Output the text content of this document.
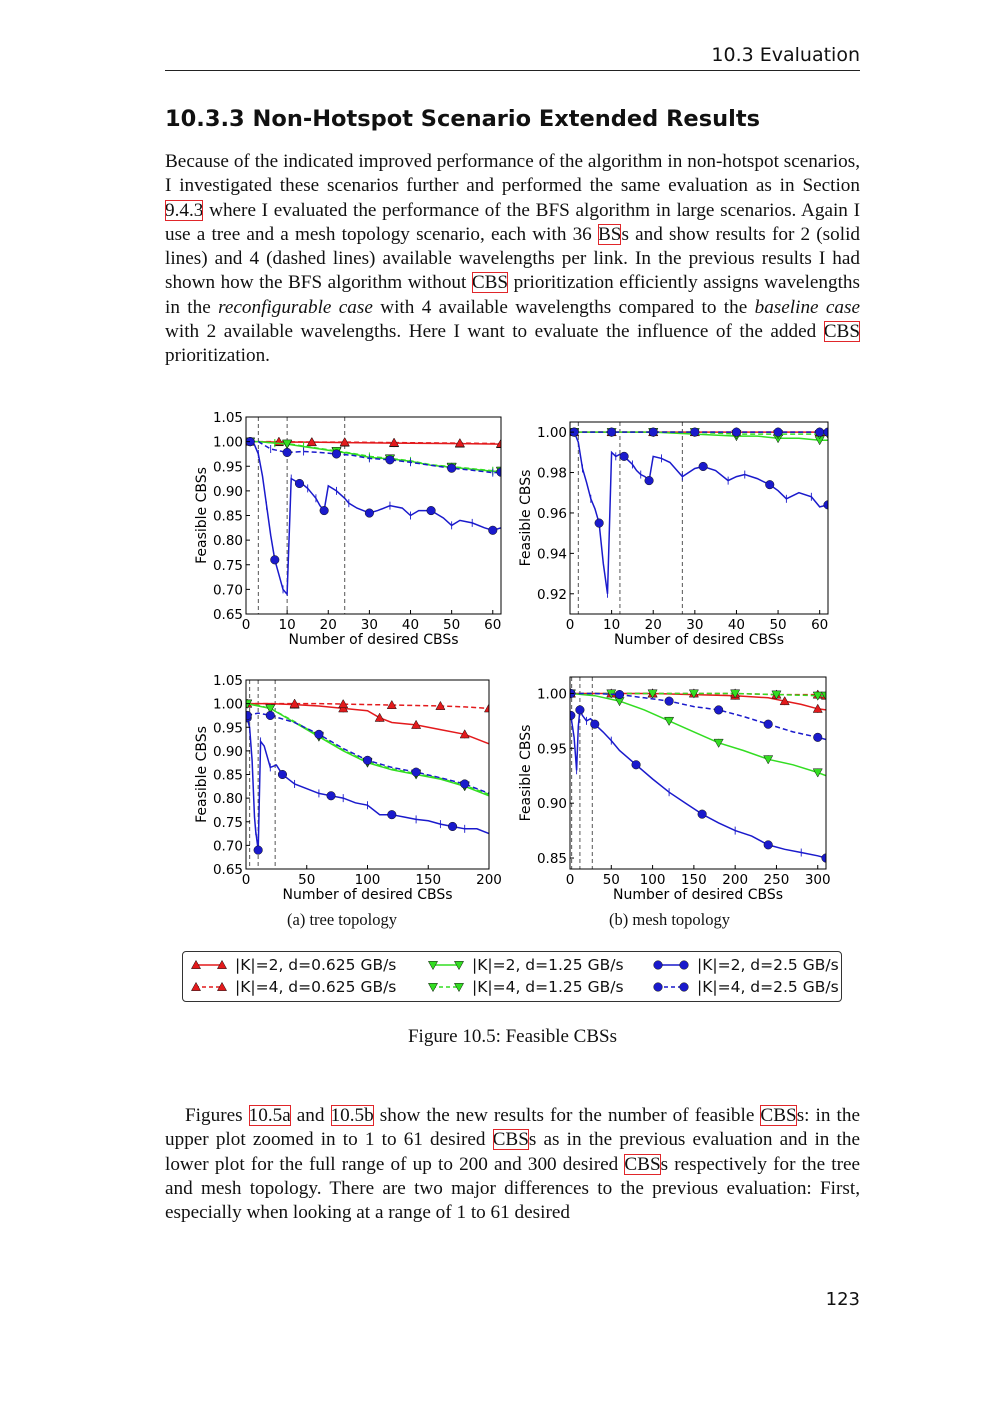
10.3 Evaluation
10.3.3 Non-Hotspot Scenario Extended Results

Because of the indicated improved performance of the algorithm in non-hotspot scenarios, I investigated these scenarios further and performed the same evaluation as in Section 9.4.3 where I evaluated the performance of the BFS algorithm in large scenarios. Again I use a tree and a mesh topology scenario, each with 36 BSs and show results for 2 (solid lines) and 4 (dashed lines) available wavelengths per link. In the previous results I had shown how the BFS algorithm without CBS prioritization efficiently assigns wavelengths in the reconfigurable case with 4 available wavelengths compared to the baseline case with 2 available wavelengths. Here I want to evaluate the influence of the added CBS prioritization.

0 10 20 30 40 50 60
0.65
0.70
0.75
0.80
0.85
0.90
0.95
1.00
1.05
Number of desired CBSs
Feasible CBSs
0 10 20 30 40 50 60
0.92
0.94
0.96
0.98
1.00
Number of desired CBSs
Feasible CBSs
0	50	100	150	200
0.65
0.70
0.75
0.80
0.85
0.90
0.95
1.00
1.05
Number of desired CBSs
Feasible CBSs
0 50 100 150 200 250 300
0.85
0.90
0.95
1.00
Number of desired CBSs
Feasible CBSs
(a) tree topology	(b) mesh topology
|K|=2, d=0.625 GB/s	|K|=2, d=1.25 GB/s	|K|=2, d=2.5 GB/s
|K|=4, d=0.625 GB/s	|K|=4, d=1.25 GB/s	|K|=4, d=2.5 GB/s
Figure 10.5: Feasible CBSs

Figures 10.5a and 10.5b show the new results for the number of feasible CBSs: in the upper plot zoomed in to 1 to 61 desired CBSs as in the previous evaluation and in the lower plot for the full range of up to 200 and 300 desired CBSs respectively for the tree and mesh topology. There are two major differences to the previous evaluation: First, especially when looking at a range of 1 to 61 desired

123
